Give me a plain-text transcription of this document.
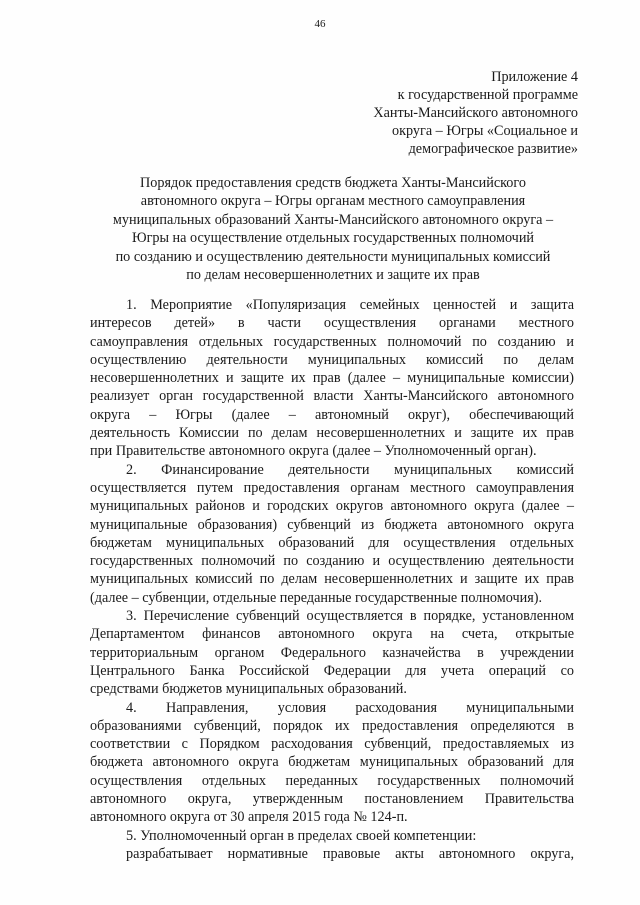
46
Приложение 4
к государственной программе
Ханты-Мансийского автономного
округа – Югры «Социальное и
демографическое развитие»
Порядок предоставления средств бюджета Ханты-Мансийского
автономного округа – Югры органам местного самоуправления
муниципальных образований Ханты-Мансийского автономного округа –
Югры на осуществление отдельных государственных полномочий
по созданию и осуществлению деятельности муниципальных комиссий
по делам несовершеннолетних и защите их прав
1. Мероприятие «Популяризация семейных ценностей и защита
интересов детей» в части осуществления органами местного
самоуправления отдельных государственных полномочий по созданию и
осуществлению деятельности муниципальных комиссий по делам
несовершеннолетних и защите их прав (далее – муниципальные комиссии)
реализует орган государственной власти Ханты-Мансийского автономного
округа – Югры (далее – автономный округ), обеспечивающий
деятельность Комиссии по делам несовершеннолетних и защите их прав
при Правительстве автономного округа (далее – Уполномоченный орган).
2. Финансирование деятельности муниципальных комиссий
осуществляется путем предоставления органам местного самоуправления
муниципальных районов и городских округов автономного округа (далее –
муниципальные образования) субвенций из бюджета автономного округа
бюджетам муниципальных образований для осуществления отдельных
государственных полномочий по созданию и осуществлению деятельности
муниципальных комиссий по делам несовершеннолетних и защите их прав
(далее – субвенции, отдельные переданные государственные полномочия).
3. Перечисление субвенций осуществляется в порядке, установленном
Департаментом финансов автономного округа на счета, открытые
территориальным органом Федерального казначейства в учреждении
Центрального Банка Российской Федерации для учета операций со
средствами бюджетов муниципальных образований.
4. Направления, условия расходования муниципальными
образованиями субвенций, порядок их предоставления определяются в
соответствии с Порядком расходования субвенций, предоставляемых из
бюджета автономного округа бюджетам муниципальных образований для
осуществления отдельных переданных государственных полномочий
автономного округа, утвержденным постановлением Правительства
автономного округа от 30 апреля 2015 года № 124-п.
5. Уполномоченный орган в пределах своей компетенции:
разрабатывает нормативные правовые акты автономного округа,
